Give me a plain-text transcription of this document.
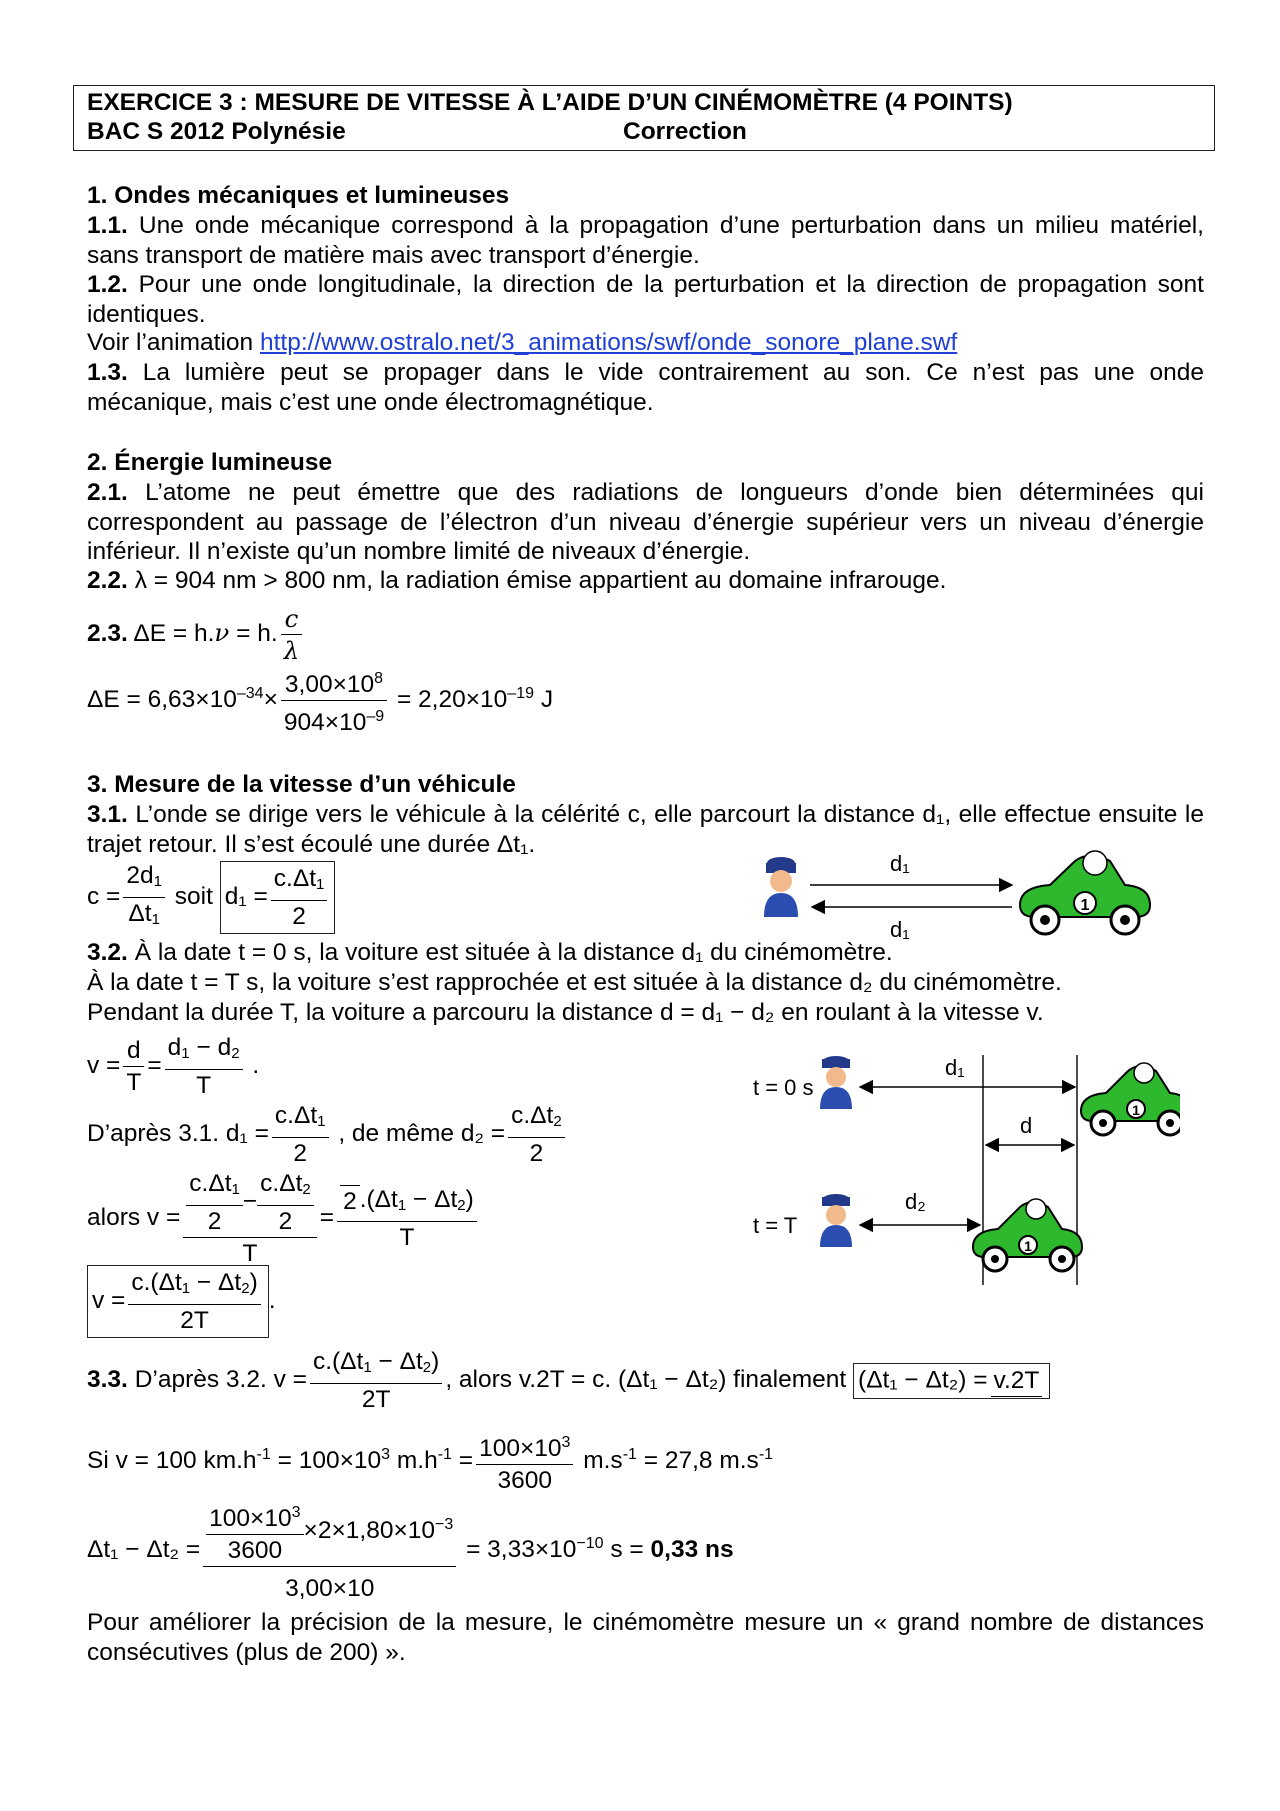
EXERCICE 3 : MESURE DE VITESSE À L’AIDE D’UN CINÉMOMÈTRE (4 POINTS)
BAC S 2012 Polynésie	Correction
1. Ondes mécaniques et lumineuses
1.1. Une onde mécanique correspond à la propagation d’une perturbation dans un milieu matériel, sans transport de matière mais avec transport d’énergie.
1.2. Pour une onde longitudinale, la direction de la perturbation et la direction de propagation sont identiques.
Voir l’animation http://www.ostralo.net/3_animations/swf/onde_sonore_plane.swf
1.3. La lumière peut se propager dans le vide contrairement au son. Ce n’est pas une onde mécanique, mais c’est une onde électromagnétique.
2. Énergie lumineuse
2.1. L’atome ne peut émettre que des radiations de longueurs d’onde bien déterminées qui correspondent au passage de l’électron d’un niveau d’énergie supérieur vers un niveau d’énergie inférieur. Il n’existe qu’un nombre limité de niveaux d’énergie.
2.2. λ = 904 nm > 800 nm, la radiation émise appartient au domaine infrarouge.
2.3. ΔE = h.ν = h. $\frac{c}{\lambda}$
$\Delta E = 6,63\times 10^{-34}\times \frac{3,00\times 10^8}{904\times 10^{-9}} = 2,20\times 10^{-19}$ J
3. Mesure de la vitesse d’un véhicule
3.1. L’onde se dirige vers le véhicule à la célérité c, elle parcourt la distance d₁, elle effectue ensuite le trajet retour. Il s’est écoulé une durée Δt₁.
$c = \frac{2d_1}{\Delta t_1}$ soit $d_1 = \frac{c.\Delta t_1}{2}$
3.2. À la date t = 0 s, la voiture est située à la distance d₁ du cinémomètre.
À la date t = T s, la voiture s’est rapprochée et est située à la distance d₂ du cinémomètre.
Pendant la durée T, la voiture a parcouru la distance d = d₁ − d₂ en roulant à la vitesse v.
$v = \frac{d}{T} = \frac{d_1 - d_2}{T}$ .
D’après 3.1. $d_1 = \frac{c.\Delta t_1}{2}$ , de même $d_2 = \frac{c.\Delta t_2}{2}$
alors $v = \frac{\frac{c.\Delta t_1}{2} - \frac{c.\Delta t_2}{2}}{T} = \frac{2 .(\Delta t_1 - \Delta t_2)}{T}$
$v = \frac{c.(\Delta t_1 - \Delta t_2)}{2T}$ .
3.3. D’après 3.2. $v = \frac{c.(\Delta t_1 - \Delta t_2)}{2T}$ , alors v.2T = c. (Δt₁ − Δt₂) finalement (Δt₁ − Δt₂) = v.2T
Si v = 100 $km.h^{-1} = 100\times 10^3$ $m.h^{-1} = \frac{100\times 10^3}{3600} m.s^{-1} = 27,8$ $m.s^{-1}$
$\Delta t_1 - \Delta t_2 = \frac{\frac{100\times 10^3}{3600} \times 2\times 1,80\times 10^{-3}}{3,00\times 10} = 3,33\times 10^{-10}$ s = 0,33 ns
Pour améliorer la précision de la mesure, le cinémomètre mesure un « grand nombre de distances consécutives (plus de 200) ».
d₁
d₁
1
t = 0 s
t = T
d₁
d₂
d
1
1
